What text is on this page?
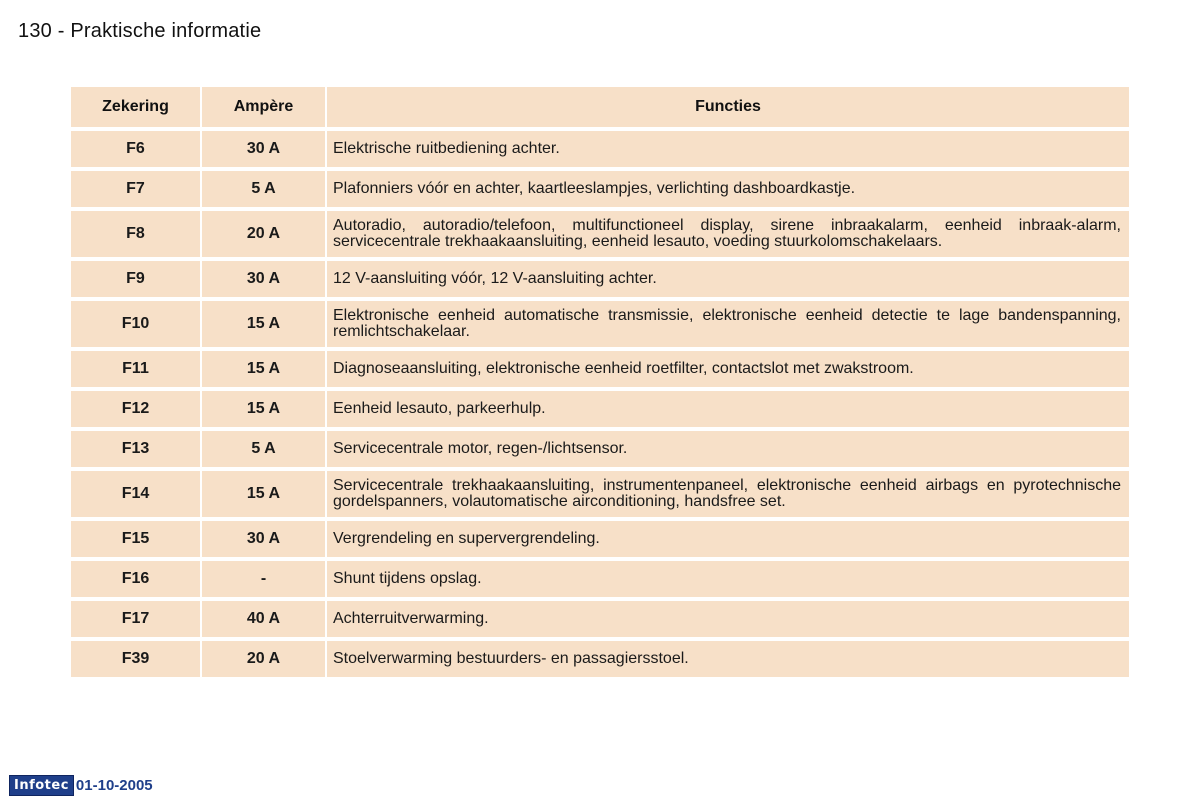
130 - Praktische informatie
Zekering	Ampère	Functies
F6	30 A	Elektrische ruitbediening achter.
F7	5 A	Plafonniers vóór en achter, kaartleeslampjes, verlichting dashboardkastje.
F8	20 A	Autoradio, autoradio/telefoon, multifunctioneel display, sirene inbraakalarm, eenheid inbraak-alarm, servicecentrale trekhaakaansluiting, eenheid lesauto, voeding stuurkolomschakelaars.
F9	30 A	12 V-aansluiting vóór, 12 V-aansluiting achter.
F10	15 A	Elektronische eenheid automatische transmissie, elektronische eenheid detectie te lage bandenspanning, remlichtschakelaar.
F11	15 A	Diagnoseaansluiting, elektronische eenheid roetfilter, contactslot met zwakstroom.
F12	15 A	Eenheid lesauto, parkeerhulp.
F13	5 A	Servicecentrale motor, regen-/lichtsensor.
F14	15 A	Servicecentrale trekhaakaansluiting, instrumentenpaneel, elektronische eenheid airbags en pyrotechnische gordelspanners, volautomatische airconditioning, handsfree set.
F15	30 A	Vergrendeling en supervergrendeling.
F16	-	Shunt tijdens opslag.
F17	40 A	Achterruitverwarming.
F39	20 A	Stoelverwarming bestuurders- en passagiersstoel.
Infotec 01-10-2005
